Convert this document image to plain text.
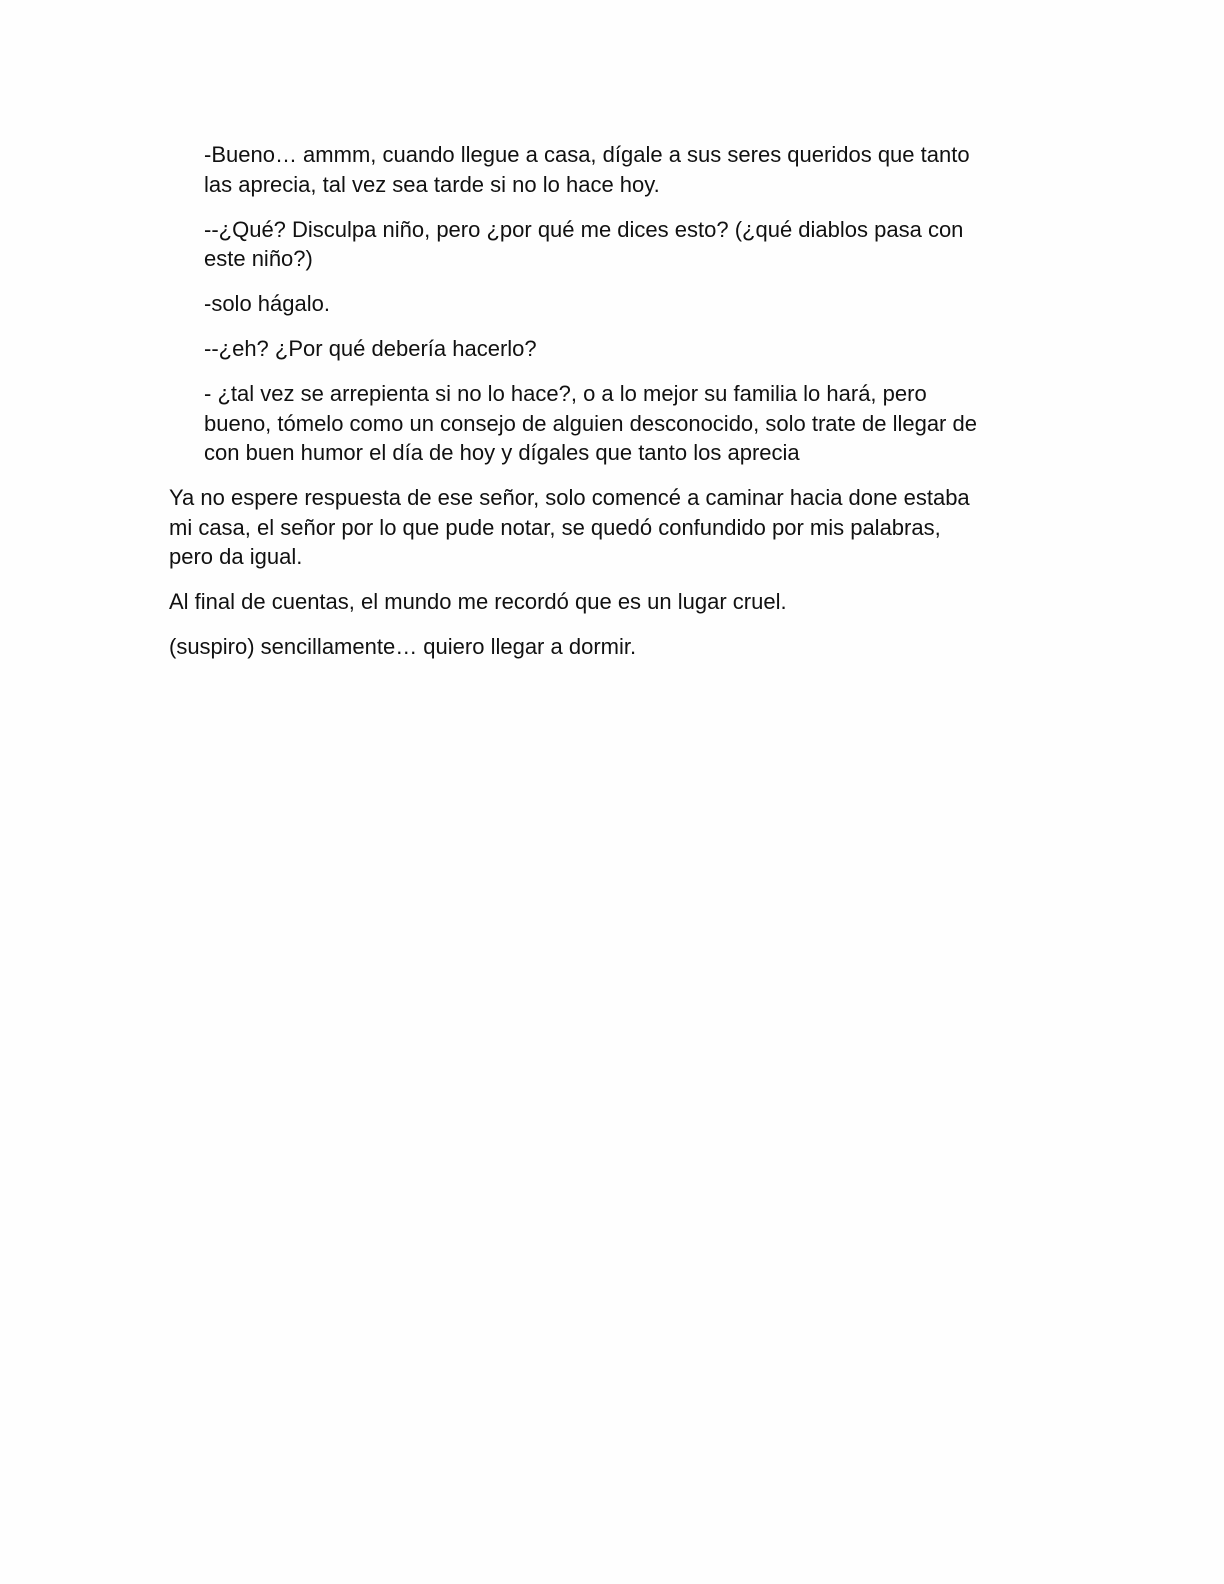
-Bueno… ammm, cuando llegue a casa, dígale a sus seres queridos que tanto
las aprecia, tal vez sea tarde si no lo hace hoy.

--¿Qué? Disculpa niño, pero ¿por qué me dices esto? (¿qué diablos pasa con
este niño?)

-solo hágalo.

--¿eh? ¿Por qué debería hacerlo?

- ¿tal vez se arrepienta si no lo hace?, o a lo mejor su familia lo hará, pero
bueno, tómelo como un consejo de alguien desconocido, solo trate de llegar de
con buen humor el día de hoy y dígales que tanto los aprecia

Ya no espere respuesta de ese señor, solo comencé a caminar hacia done estaba
mi casa, el señor por lo que pude notar, se quedó confundido por mis palabras,
pero da igual.

Al final de cuentas, el mundo me recordó que es un lugar cruel.

(suspiro) sencillamente… quiero llegar a dormir.
